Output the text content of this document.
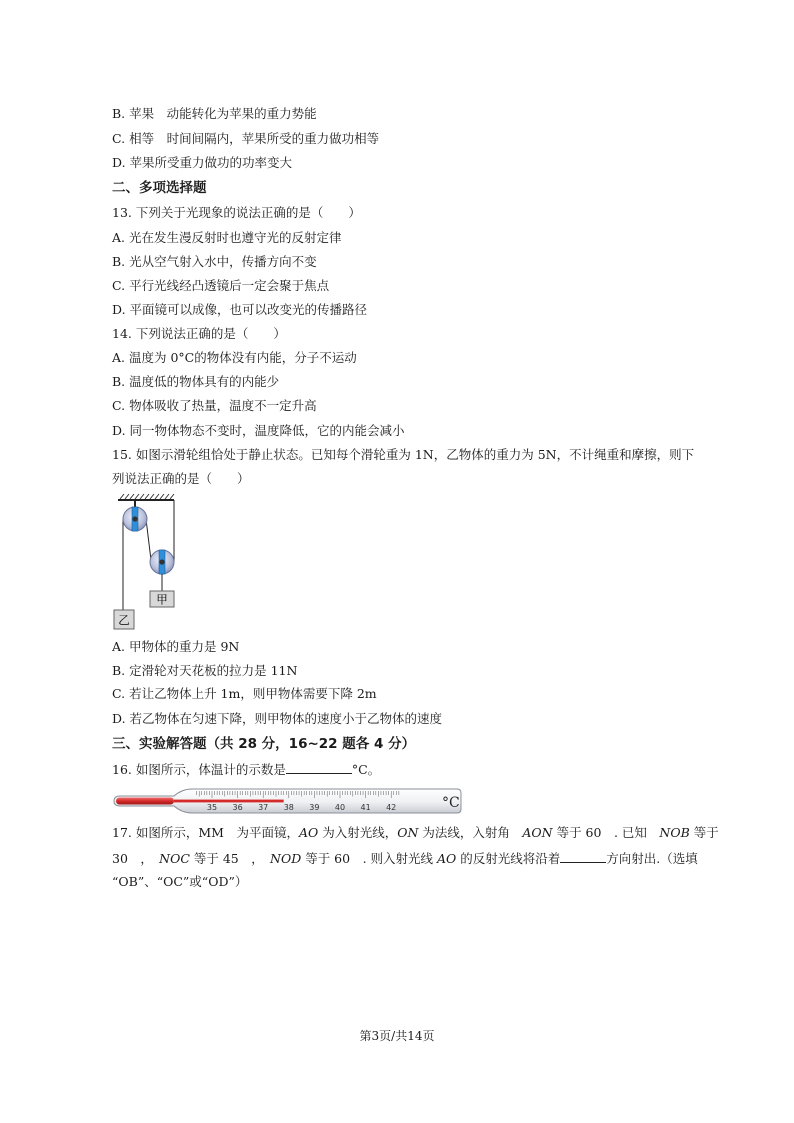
B. 苹果　动能转化为苹果的重力势能
C. 相等　时间间隔内，苹果所受的重力做功相等
D. 苹果所受重力做功的功率变大
二、多项选择题
13. 下列关于光现象的说法正确的是（　　）
A. 光在发生漫反射时也遵守光的反射定律
B. 光从空气射入水中，传播方向不变
C. 平行光线经凸透镜后一定会聚于焦点
D. 平面镜可以成像，也可以改变光的传播路径
14. 下列说法正确的是（　　）
A. 温度为 0°C的物体没有内能，分子不运动
B. 温度低的物体具有的内能少
C. 物体吸收了热量，温度不一定升高
D. 同一物体物态不变时，温度降低，它的内能会减小
15. 如图示滑轮组恰处于静止状态。已知每个滑轮重为 1N，乙物体的重力为 5N，不计绳重和摩擦，则下
列说法正确的是（　　）
甲
乙
A. 甲物体的重力是 9N
B. 定滑轮对天花板的拉力是 11N
C. 若让乙物体上升 1m，则甲物体需要下降 2m
D. 若乙物体在匀速下降，则甲物体的速度小于乙物体的速度
三、实验解答题（共 28 分，16~22 题各 4 分）
16. 如图所示，体温计的示数是	°C。
35 36 37 38 39 40 41 42	°C
17. 如图所示，MM　为平面镜，AO 为入射光线，ON 为法线，入射角　AON 等于 60　. 已知　NOB 等于
30　，　NOC 等于 45　，　NOD 等于 60　. 则入射光线 AO 的反射光线将沿着	方向射出.（选填
“OB”、“OC”或“OD”）
第3页/共14页
